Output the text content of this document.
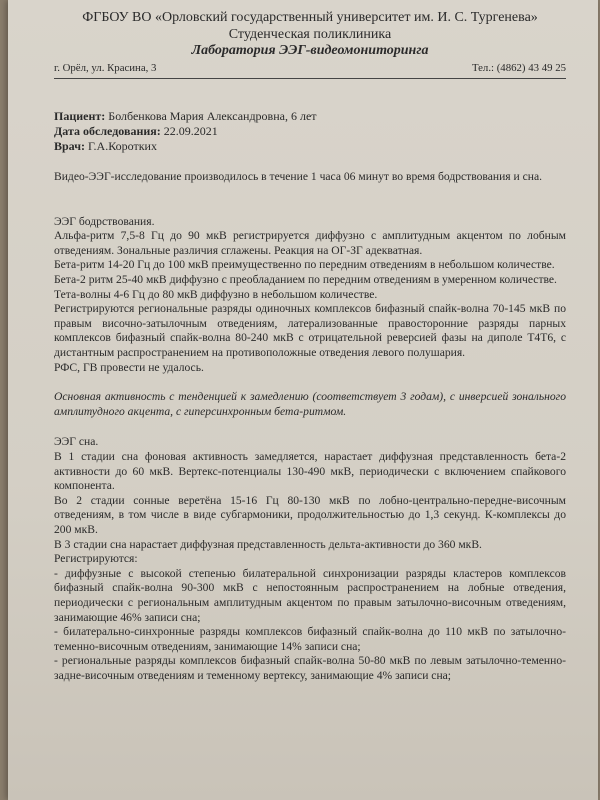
ФГБОУ ВО «Орловский государственный университет им. И. С. Тургенева»
Студенческая поликлиника
Лаборатория ЭЭГ-видеомониторинга
г. Орёл, ул. Красина, 3	Тел.: (4862) 43 49 25
Пациент: Болбенкова Мария Александровна, 6 лет
Дата обследования: 22.09.2021
Врач: Г.А.Коротких

Видео-ЭЭГ-исследование производилось в течение 1 часа 06 минут во время бодрствования и сна.

ЭЭГ бодрствования.

Альфа-ритм 7,5-8 Гц до 90 мкВ регистрируется диффузно с амплитудным акцентом по лобным отведениям. Зональные различия сглажены. Реакция на ОГ-ЗГ адекватная.

Бета-ритм 14-20 Гц до 100 мкВ преимущественно по передним отведениям в небольшом количестве.

Бета-2 ритм 25-40 мкВ диффузно с преобладанием по передним отведениям в умеренном количестве.

Тета-волны 4-6 Гц до 80 мкВ диффузно в небольшом количестве.

Регистрируются региональные разряды одиночных комплексов бифазный спайк-волна 70-145 мкВ по правым височно-затылочным отведениям, латерализованные правосторонние разряды парных комплексов бифазный спайк-волна 80-240 мкВ с отрицательной реверсией фазы на диполе Т4Т6, с дистантным распространением на противоположные отведения левого полушария.

РФС, ГВ провести не удалось.

Основная активность с тенденцией к замедлению (соответствует 3 годам), с инверсией зонального амплитудного акцента, с гиперсинхронным бета-ритмом.

ЭЭГ сна.

В 1 стадии сна фоновая активность замедляется, нарастает диффузная представленность бета-2 активности до 60 мкВ. Вертекс-потенциалы 130-490 мкВ, периодически с включением спайкового компонента.

Во 2 стадии сонные веретёна 15-16 Гц 80-130 мкВ по лобно-центрально-передне-височным отведениям, в том числе в виде субгармоники, продолжительностью до 1,3 секунд. К-комплексы до 200 мкВ.

В 3 стадии сна нарастает диффузная представленность дельта-активности до 360 мкВ.

Регистрируются:

- диффузные с высокой степенью билатеральной синхронизации разряды кластеров комплексов бифазный спайк-волна 90-300 мкВ с непостоянным распространением на лобные отведения, периодически с региональным амплитудным акцентом по правым затылочно-височным отведениям, занимающие 46% записи сна;

- билатерально-синхронные разряды комплексов бифазный спайк-волна до 110 мкВ по затылочно-теменно-височным отведениям, занимающие 14% записи сна;

- региональные разряды комплексов бифазный спайк-волна 50-80 мкВ по левым затылочно-теменно-задне-височным отведениям и теменному вертексу, занимающие 4% записи сна;
